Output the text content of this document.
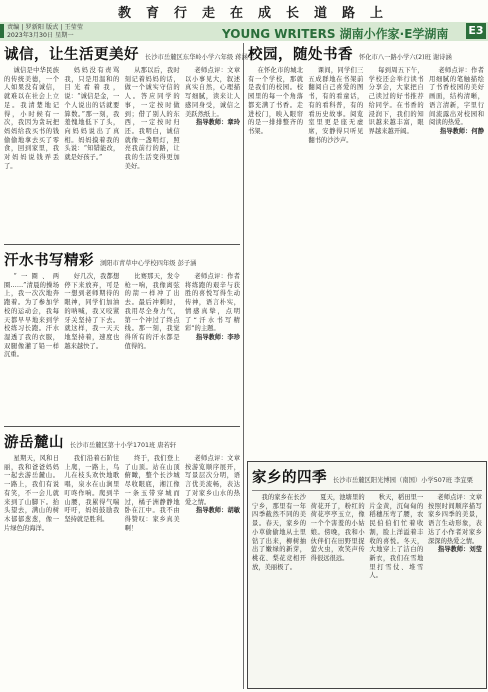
教育行走在成长道路上
责编 | 罗新阳 版式 | 王莹莹
2023年3月30日 星期一	YOUNG WRITERS 湖南小作家·E学湖南 E3
诚信，让生活更美好 长沙市岳麓区东华岭小学六年级 蒋涵宇

诚信是中华民族的传统美德，一个人如果没有诚信，就难以在社会上立足。我清楚地记得，小时候有一次，我因为贪玩把妈妈给我买书的钱偷偷地拿去买了零食，回到家里，我对妈妈说钱弄丢了。

妈妈没有责骂我，只是用温和的目光看着我，说：“诚信是金，一个人说出的话就要算数。”那一刻，我羞愧地低下了头，向妈妈说出了真相。妈妈摸着我的头说：“知错能改，就是好孩子。”

从那以后，我时刻记着妈妈的话，做一个诚实守信的人。答应同学的事，一定按时做到；借了别人的东西，一定按时归还。我明白，诚信就像一盏明灯，照亮我前行的路，让我的生活变得更加美好。

老师点评：文章以小事见大，叙述真实自然，心理描写细腻，读来让人感同身受，诚信之美跃然纸上。

指导教师：章玲
汗水书写精彩 浏阳市青草中心学校四年级 彭子涵

“一圈、两圈……”清晨的操场上，我一次次地奔跑着。为了参加学校的运动会，我每天都早早地来到学校练习长跑。汗水湿透了我的衣服，双腿像灌了铅一样沉重。

好几次，我都想停下来放弃，可是一想到老师期待的眼神，同学们加油的呐喊，我又咬紧牙关坚持了下去。就这样，我一天天地坚持着，速度也越来越快了。

比赛那天，发令枪一响，我像离弦的箭一样冲了出去。最后冲刺时，我用尽全身力气，第一个冲过了终点线。那一刻，我觉得所有的汗水都是值得的。

老师点评：作者将练跑的艰辛与获胜的喜悦写得生动传神，语言朴实，情感真挚，点明了“汗水书写精彩”的主题。

指导教师：李珍
游岳麓山 长沙市岳麓区第十小学1701班 唐若轩

星期天，风和日丽，我和爸爸妈妈一起去游岳麓山。一路上，我们有说有笑，不一会儿就来到了山脚下。抬头望去，满山的树木郁郁葱葱，像一片绿色的海洋。

我们沿着石阶往上爬，一路上，鸟儿在枝头欢快地歌唱，泉水在山涧里叮咚作响。爬到半山腰，我累得气喘吁吁，妈妈鼓励我坚持就是胜利。

终于，我们登上了山顶。站在山顶俯瞰，整个长沙城尽收眼底，湘江像一条玉带穿城而过，橘子洲静静地卧在江中。我不由得赞叹：家乡真美啊！

老师点评：文章按游览顺序展开，写景层次分明，语言优美流畅，表达了对家乡山水的热爱之情。

指导教师：胡敏
校园，随处书香 怀化市八一路小学六(2)班 谢诗涵

在怀化市的城北有一个学校，那就是我们的校园。校园里的每一个角落都充满了书香。走进校门，映入眼帘的是一排排整齐的书架。

课间，同学们三五成群地在书架前翻阅自己喜爱的图书，有的看童话，有的看科普，有的看历史故事。阅览室里更是座无虚席，安静得只听见翻书的沙沙声。

每到周五下午，学校还会举行读书分享会，大家把自己读过的好书推荐给同学。在书香的浸润下，我们的知识越来越丰富，眼界越来越开阔。

老师点评：作者用细腻的笔触描绘了书香校园的美好画面，结构清晰，语言清新，字里行间流露出对校园和阅读的热爱。

指导教师：何静
家乡的四季 长沙市岳麓区阳光博园（南国）小学507班 李宜栗

我的家乡在长沙宁乡，那里有一年四季截然不同的美景。春天，家乡的小草偷偷地从土里钻了出来，柳树抽出了嫩绿的新芽，桃花、梨花竞相开放，美丽极了。

夏天，池塘里的荷花开了，粉红的荷花亭亭玉立，像一个个害羞的小姑娘。傍晚，我和小伙伴们在田野里捉萤火虫，欢笑声传得很远很远。

秋天，稻田里一片金黄，沉甸甸的稻穗压弯了腰，农民伯伯们忙着收割，脸上洋溢着丰收的喜悦。冬天，大地穿上了洁白的新衣，我们在雪地里打雪仗、堆雪人。

老师点评：文章按照时间顺序描写家乡四季的美景，语言生动形象，表达了小作者对家乡深深的热爱之情。

指导教师：刘莹
